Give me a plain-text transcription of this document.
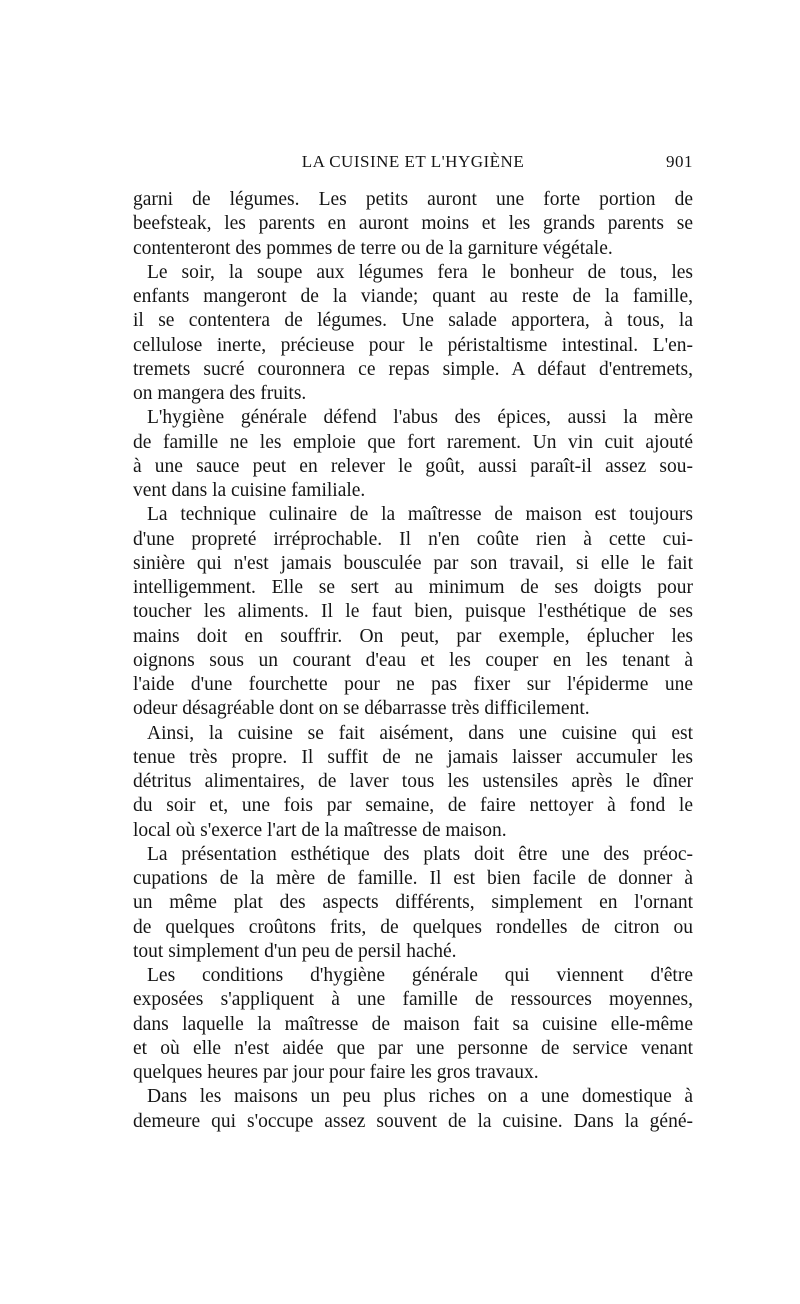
LA CUISINE ET L'HYGIÈNE	901
garni de légumes. Les petits auront une forte portion de
beefsteak, les parents en auront moins et les grands parents se
contenteront des pommes de terre ou de la garniture végétale.
Le soir, la soupe aux légumes fera le bonheur de tous, les
enfants mangeront de la viande; quant au reste de la famille,
il se contentera de légumes. Une salade apportera, à tous, la
cellulose inerte, précieuse pour le péristaltisme intestinal. L'en-
tremets sucré couronnera ce repas simple. A défaut d'entremets,
on mangera des fruits.
L'hygiène générale défend l'abus des épices, aussi la mère
de famille ne les emploie que fort rarement. Un vin cuit ajouté
à une sauce peut en relever le goût, aussi paraît-il assez sou-
vent dans la cuisine familiale.
La technique culinaire de la maîtresse de maison est toujours
d'une propreté irréprochable. Il n'en coûte rien à cette cui-
sinière qui n'est jamais bousculée par son travail, si elle le fait
intelligemment. Elle se sert au minimum de ses doigts pour
toucher les aliments. Il le faut bien, puisque l'esthétique de ses
mains doit en souffrir. On peut, par exemple, éplucher les
oignons sous un courant d'eau et les couper en les tenant à
l'aide d'une fourchette pour ne pas fixer sur l'épiderme une
odeur désagréable dont on se débarrasse très difficilement.
Ainsi, la cuisine se fait aisément, dans une cuisine qui est
tenue très propre. Il suffit de ne jamais laisser accumuler les
détritus alimentaires, de laver tous les ustensiles après le dîner
du soir et, une fois par semaine, de faire nettoyer à fond le
local où s'exerce l'art de la maîtresse de maison.
La présentation esthétique des plats doit être une des préoc-
cupations de la mère de famille. Il est bien facile de donner à
un même plat des aspects différents, simplement en l'ornant
de quelques croûtons frits, de quelques rondelles de citron ou
tout simplement d'un peu de persil haché.
Les conditions d'hygiène générale qui viennent d'être
exposées s'appliquent à une famille de ressources moyennes,
dans laquelle la maîtresse de maison fait sa cuisine elle-même
et où elle n'est aidée que par une personne de service venant
quelques heures par jour pour faire les gros travaux.
Dans les maisons un peu plus riches on a une domestique à
demeure qui s'occupe assez souvent de la cuisine. Dans la géné-
